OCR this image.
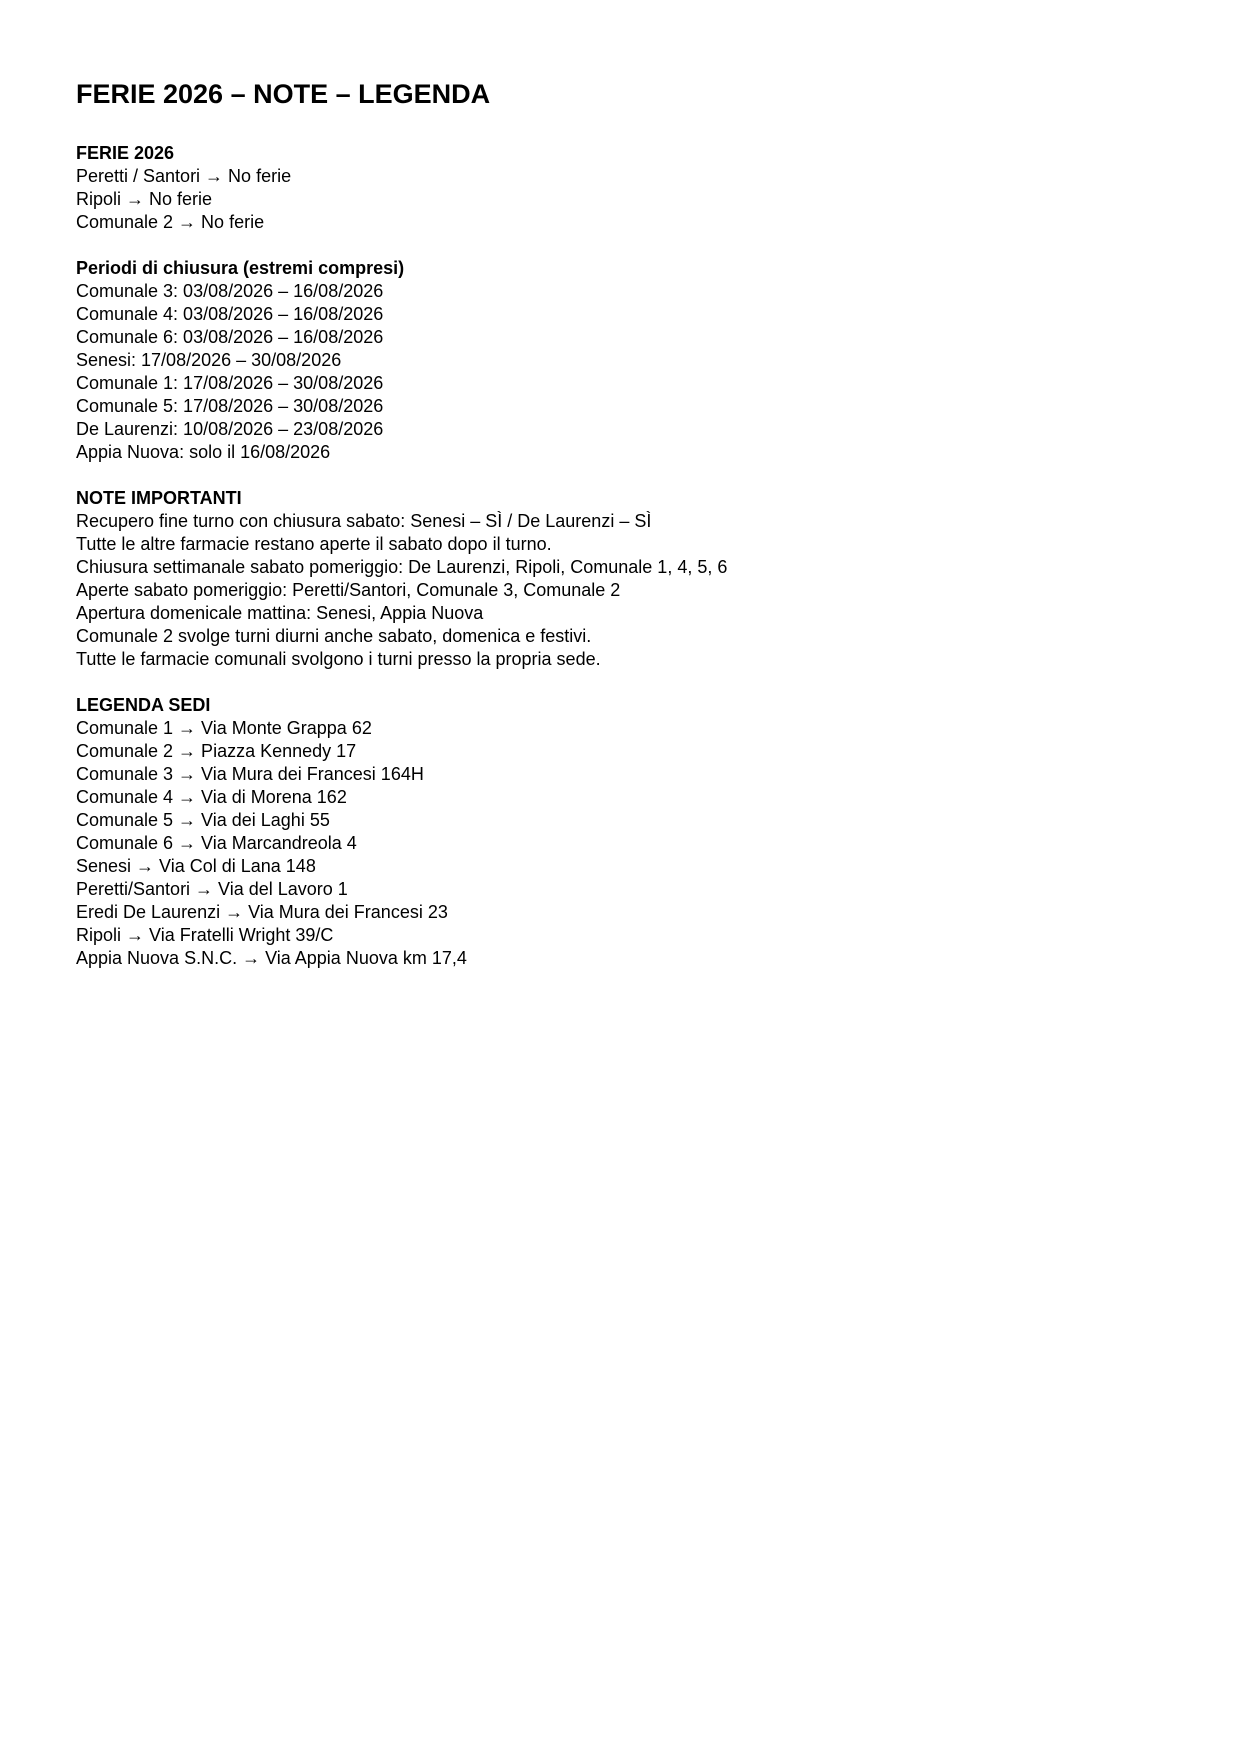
FERIE 2026 – NOTE – LEGENDA

FERIE 2026

Peretti / Santori → No ferie

Ripoli → No ferie

Comunale 2 → No ferie

Periodi di chiusura (estremi compresi)

Comunale 3: 03/08/2026 – 16/08/2026

Comunale 4: 03/08/2026 – 16/08/2026

Comunale 6: 03/08/2026 – 16/08/2026

Senesi: 17/08/2026 – 30/08/2026

Comunale 1: 17/08/2026 – 30/08/2026

Comunale 5: 17/08/2026 – 30/08/2026

De Laurenzi: 10/08/2026 – 23/08/2026

Appia Nuova: solo il 16/08/2026

NOTE IMPORTANTI

Recupero fine turno con chiusura sabato: Senesi – SÌ / De Laurenzi – SÌ

Tutte le altre farmacie restano aperte il sabato dopo il turno.

Chiusura settimanale sabato pomeriggio: De Laurenzi, Ripoli, Comunale 1, 4, 5, 6

Aperte sabato pomeriggio: Peretti/Santori, Comunale 3, Comunale 2

Apertura domenicale mattina: Senesi, Appia Nuova

Comunale 2 svolge turni diurni anche sabato, domenica e festivi.

Tutte le farmacie comunali svolgono i turni presso la propria sede.

LEGENDA SEDI

Comunale 1 → Via Monte Grappa 62

Comunale 2 → Piazza Kennedy 17

Comunale 3 → Via Mura dei Francesi 164H

Comunale 4 → Via di Morena 162

Comunale 5 → Via dei Laghi 55

Comunale 6 → Via Marcandreola 4

Senesi → Via Col di Lana 148

Peretti/Santori → Via del Lavoro 1

Eredi De Laurenzi → Via Mura dei Francesi 23

Ripoli → Via Fratelli Wright 39/C

Appia Nuova S.N.C. → Via Appia Nuova km 17,4
